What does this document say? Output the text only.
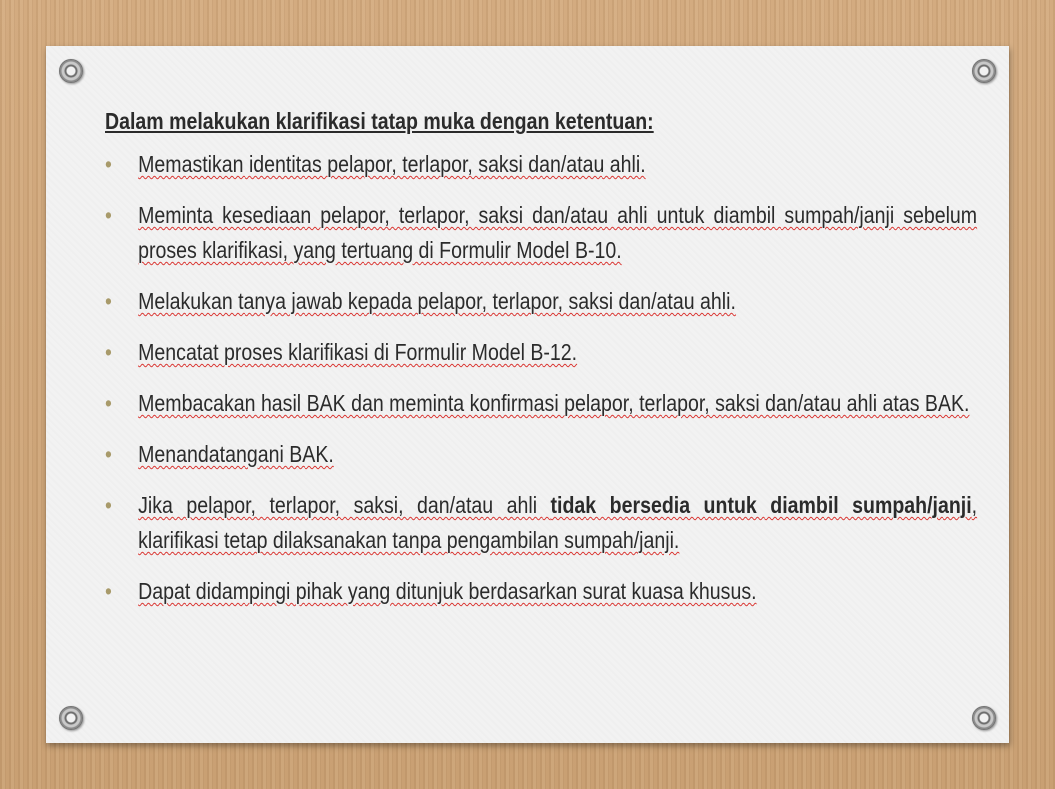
Dalam melakukan klarifikasi tatap muka dengan ketentuan:

• Memastikan identitas pelapor, terlapor, saksi dan/atau ahli.
• Meminta kesediaan pelapor, terlapor, saksi dan/atau ahli untuk diambil sumpah/janji sebelum proses klarifikasi, yang tertuang di Formulir Model B-10.
• Melakukan tanya jawab kepada pelapor, terlapor, saksi dan/atau ahli.
• Mencatat proses klarifikasi di Formulir Model B-12.
• Membacakan hasil BAK dan meminta konfirmasi pelapor, terlapor, saksi dan/atau ahli atas BAK.
• Menandatangani BAK.
• Jika pelapor, terlapor, saksi, dan/atau ahli tidak bersedia untuk diambil sumpah/janji, klarifikasi tetap dilaksanakan tanpa pengambilan sumpah/janji.
• Dapat didampingi pihak yang ditunjuk berdasarkan surat kuasa khusus.
